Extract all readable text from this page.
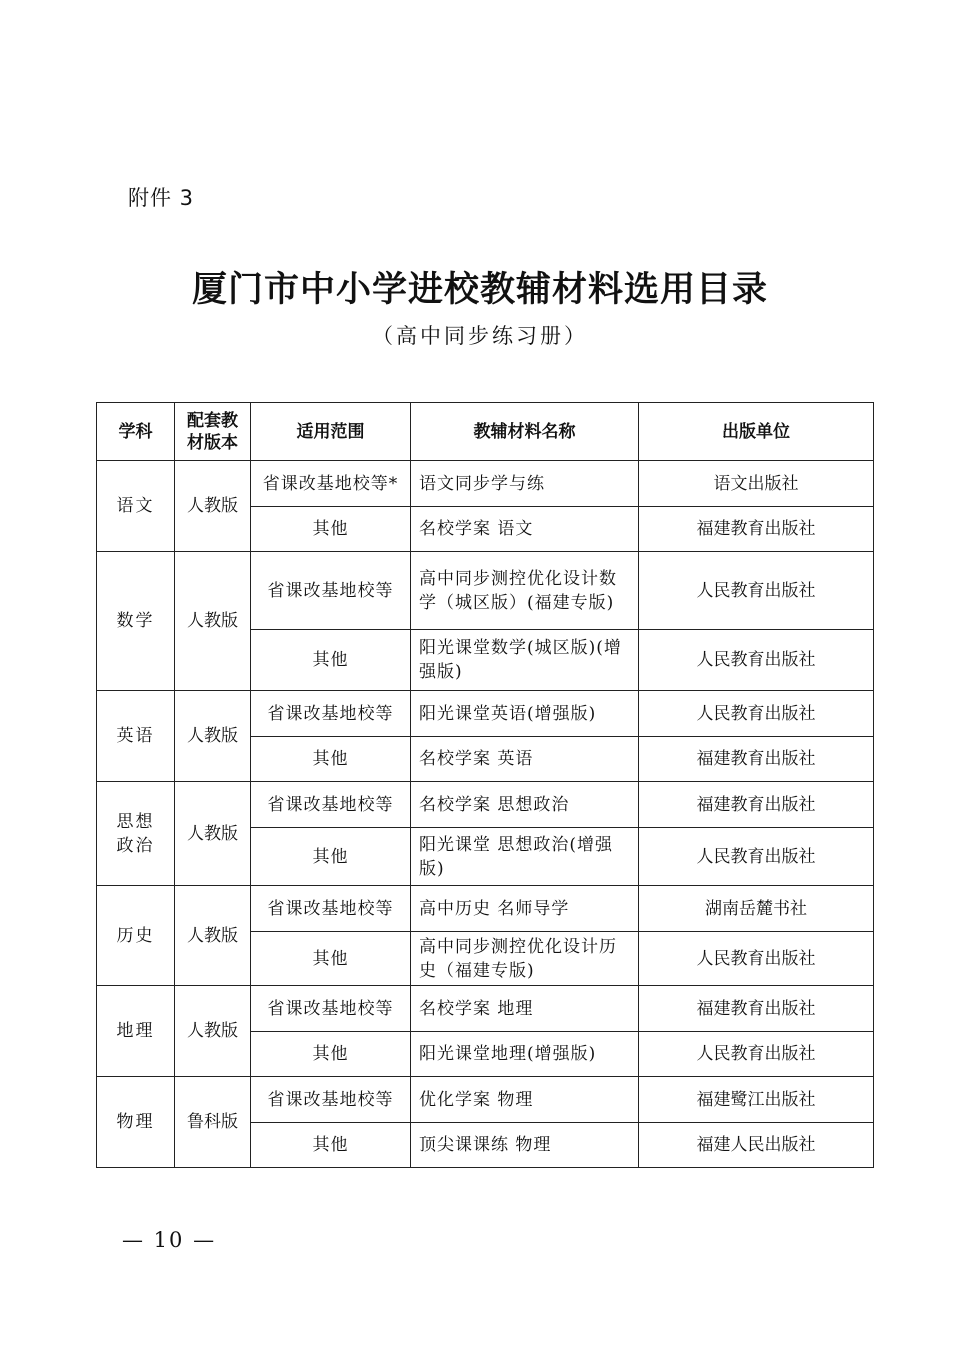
附件 3
厦门市中小学进校教辅材料选用目录
（高中同步练习册）
学科	配套教材版本	适用范围	教辅材料名称	出版单位
语文	人教版	省课改基地校等*	语文同步学与练	语文出版社
		其他	名校学案 语文	福建教育出版社
数学	人教版	省课改基地校等	高中同步测控优化设计数学（城区版）(福建专版)	人民教育出版社
		其他	阳光课堂数学(城区版)(增强版)	人民教育出版社
英语	人教版	省课改基地校等	阳光课堂英语(增强版)	人民教育出版社
		其他	名校学案 英语	福建教育出版社
思想政治	人教版	省课改基地校等	名校学案 思想政治	福建教育出版社
		其他	阳光课堂 思想政治(增强版)	人民教育出版社
历史	人教版	省课改基地校等	高中历史 名师导学	湖南岳麓书社
		其他	高中同步测控优化设计历史（福建专版)	人民教育出版社
地理	人教版	省课改基地校等	名校学案 地理	福建教育出版社
		其他	阳光课堂地理(增强版)	人民教育出版社
物理	鲁科版	省课改基地校等	优化学案 物理	福建鹭江出版社
		其他	顶尖课课练 物理	福建人民出版社
— 10 —
